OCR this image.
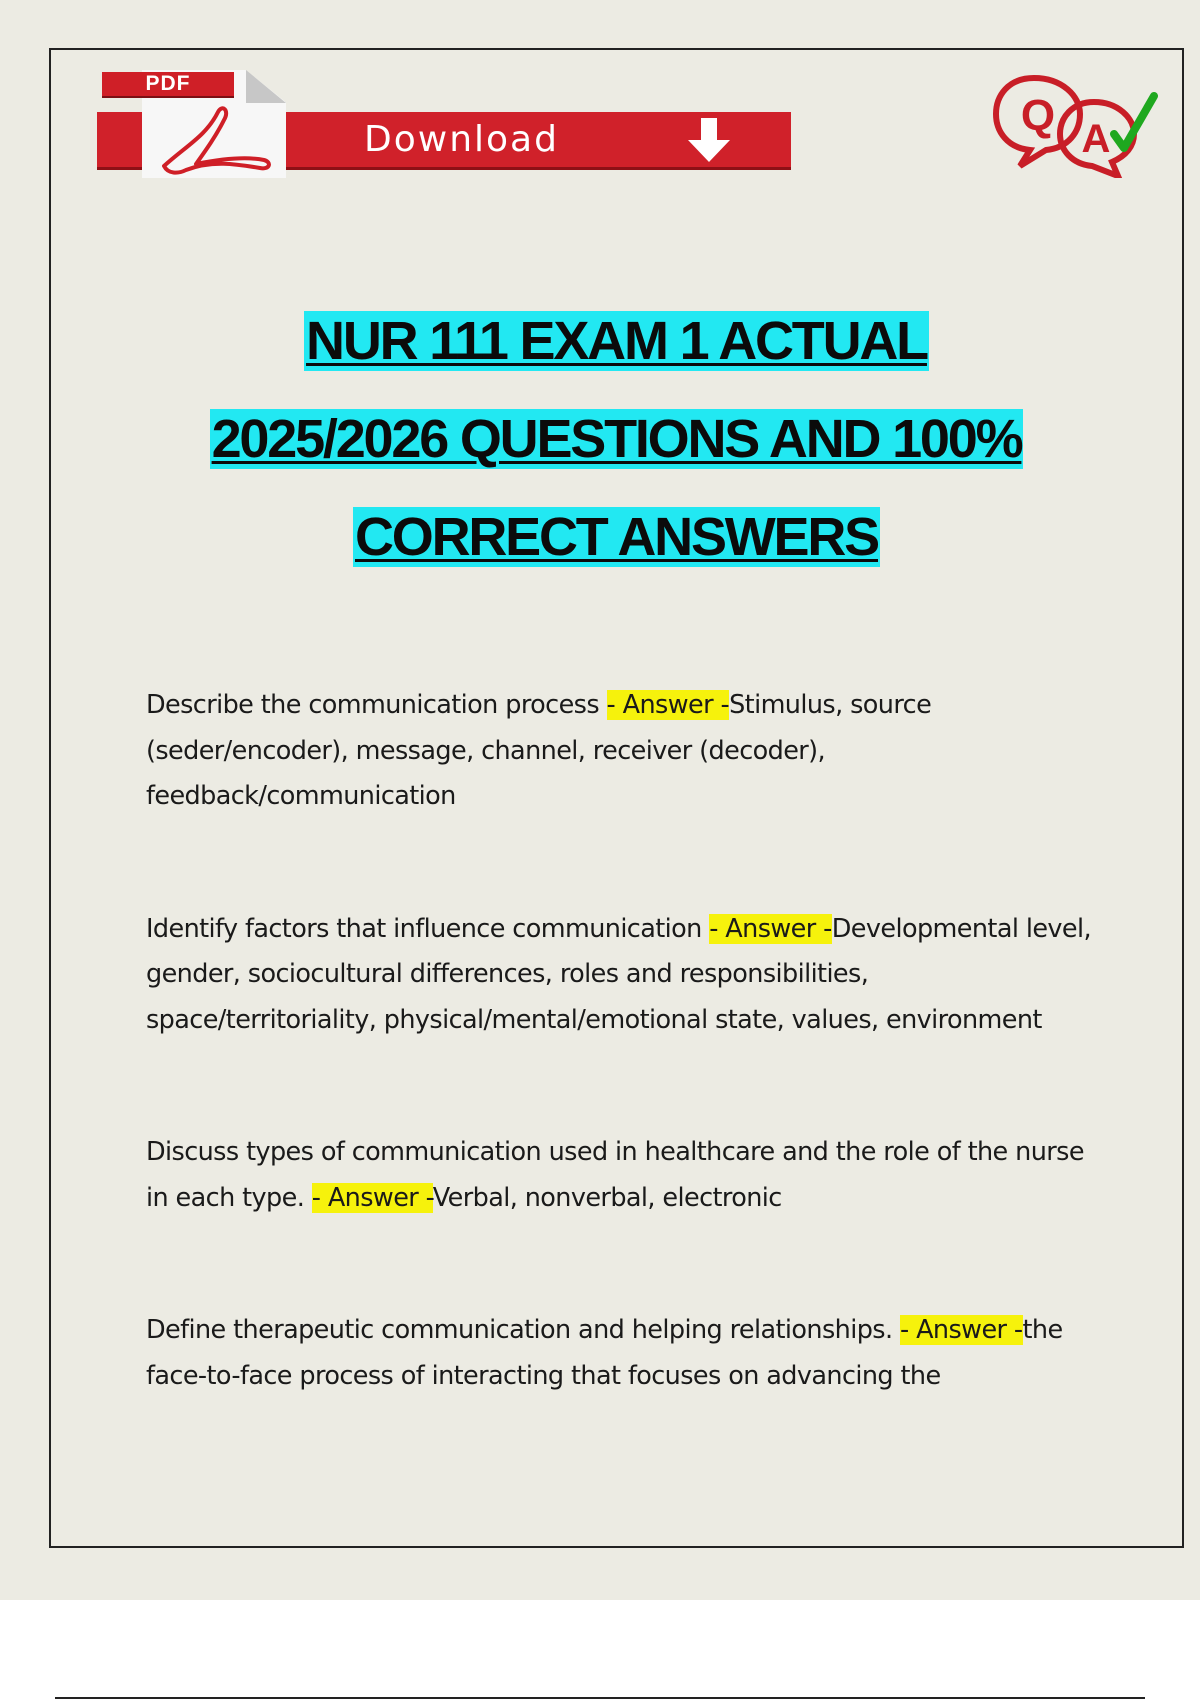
PDF
Download	Q A
NUR 111 EXAM 1 ACTUAL
2025/2026 QUESTIONS AND 100%
CORRECT ANSWERS
Describe the communication process - Answer -Stimulus, source (seder/encoder), message, channel, receiver (decoder), feedback/communication
Identify factors that influence communication - Answer -Developmental level, gender, sociocultural differences, roles and responsibilities, space/territoriality, physical/mental/emotional state, values, environment
Discuss types of communication used in healthcare and the role of the nurse in each type. - Answer -Verbal, nonverbal, electronic
Define therapeutic communication and helping relationships. - Answer -the face-to-face process of interacting that focuses on advancing the
